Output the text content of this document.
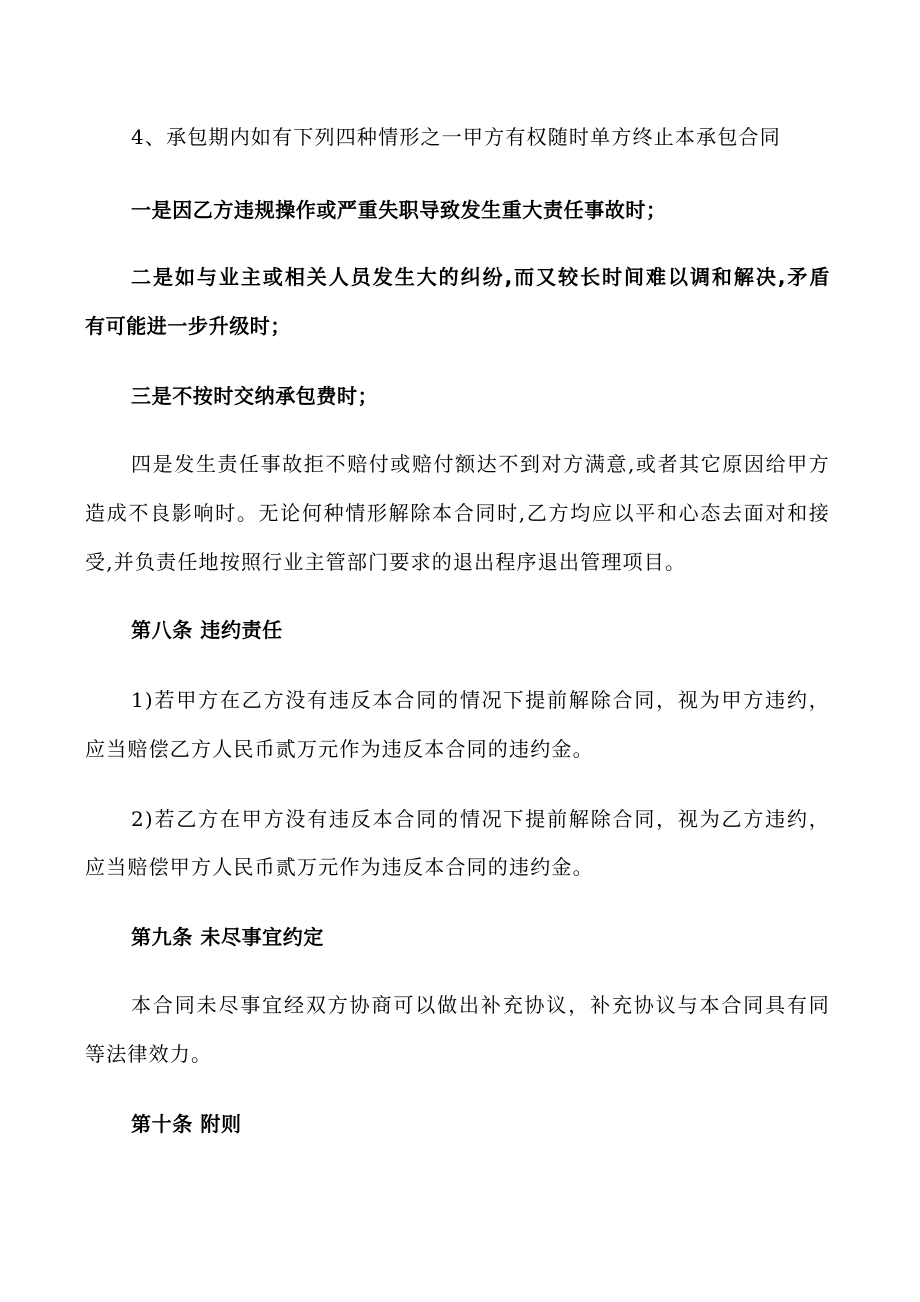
4、承包期内如有下列四种情形之一甲方有权随时单方终止本承包合同
一是因乙方违规操作或严重失职导致发生重大责任事故时；
二是如与业主或相关人员发生大的纠纷,而又较长时间难以调和解决,矛盾
有可能进一步升级时；
三是不按时交纳承包费时；
四是发生责任事故拒不赔付或赔付额达不到对方满意,或者其它原因给甲方
造成不良影响时。无论何种情形解除本合同时,乙方均应以平和心态去面对和接
受,并负责任地按照行业主管部门要求的退出程序退出管理项目。
第八条 违约责任
1)若甲方在乙方没有违反本合同的情况下提前解除合同，视为甲方违约，
应当赔偿乙方人民币贰万元作为违反本合同的违约金。
2)若乙方在甲方没有违反本合同的情况下提前解除合同，视为乙方违约，
应当赔偿甲方人民币贰万元作为违反本合同的违约金。
第九条 未尽事宜约定
本合同未尽事宜经双方协商可以做出补充协议，补充协议与本合同具有同
等法律效力。
第十条 附则
